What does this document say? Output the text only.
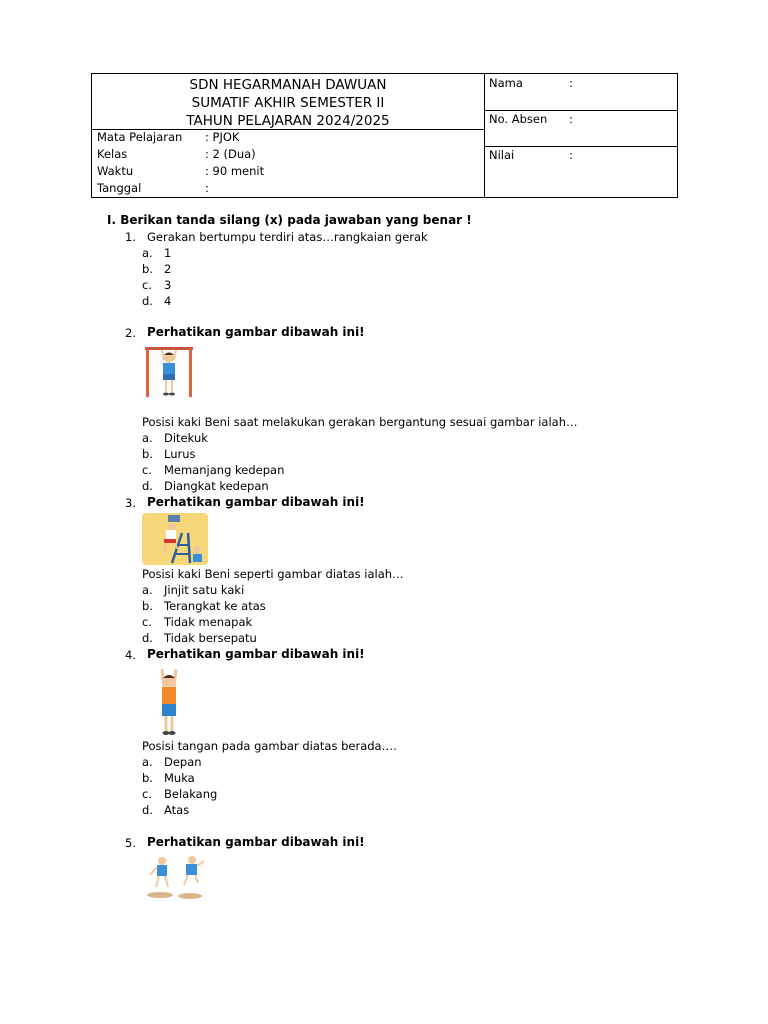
SDN HEGARMANAH DAWUAN
SUMATIF AKHIR SEMESTER II
TAHUN PELAJARAN 2024/2025
Mata Pelajaran : PJOK
Kelas	: 2 (Dua)
Waktu	: 90 menit
Tanggal	:
Nama	:
No. Absen :
Nilai	:
I. Berikan tanda silang (x) pada jawaban yang benar !
1. Gerakan bertumpu terdiri atas…rangkaian gerak
a. 1
b. 2
c. 3
d. 4
2. Perhatikan gambar dibawah ini!
Posisi kaki Beni saat melakukan gerakan bergantung sesuai gambar ialah…
a. Ditekuk
b. Lurus
c. Memanjang kedepan
d. Diangkat kedepan
3. Perhatikan gambar dibawah ini!
Posisi kaki Beni seperti gambar diatas ialah…
a. Jinjit satu kaki
b. Terangkat ke atas
c. Tidak menapak
d. Tidak bersepatu
4. Perhatikan gambar dibawah ini!
Posisi tangan pada gambar diatas berada….
a. Depan
b. Muka
c. Belakang
d. Atas
5. Perhatikan gambar dibawah ini!
